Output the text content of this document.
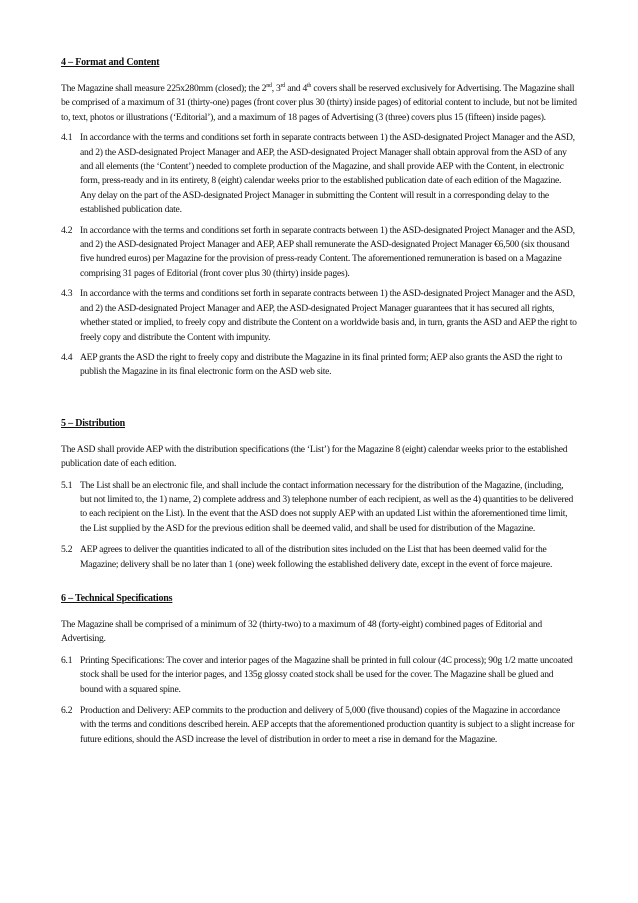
4 – Format and Content

The Magazine shall measure 225x280mm (closed); the 2nd, 3rd and 4th covers shall be reserved exclusively for Advertising. The Magazine shall be comprised of a maximum of 31 (thirty-one) pages (front cover plus 30 (thirty) inside pages) of editorial content to include, but not be limited to, text, photos or illustrations (‘Editorial’), and a maximum of 18 pages of Advertising (3 (three) covers plus 15 (fifteen) inside pages).

4.1 In accordance with the terms and conditions set forth in separate contracts between 1) the ASD-designated Project Manager and the ASD, and 2) the ASD-designated Project Manager and AEP, the ASD-designated Project Manager shall obtain approval from the ASD of any and all elements (the ‘Content’) needed to complete production of the Magazine, and shall provide AEP with the Content, in electronic form, press-ready and in its entirety, 8 (eight) calendar weeks prior to the established publication date of each edition of the Magazine. Any delay on the part of the ASD-designated Project Manager in submitting the Content will result in a corresponding delay to the established publication date.
4.2 In accordance with the terms and conditions set forth in separate contracts between 1) the ASD-designated Project Manager and the ASD, and 2) the ASD-designated Project Manager and AEP, AEP shall remunerate the ASD-designated Project Manager €6,500 (six thousand five hundred euros) per Magazine for the provision of press-ready Content. The aforementioned remuneration is based on a Magazine comprising 31 pages of Editorial (front cover plus 30 (thirty) inside pages).
4.3 In accordance with the terms and conditions set forth in separate contracts between 1) the ASD-designated Project Manager and the ASD, and 2) the ASD-designated Project Manager and AEP, the ASD-designated Project Manager guarantees that it has secured all rights, whether stated or implied, to freely copy and distribute the Content on a worldwide basis and, in turn, grants the ASD and AEP the right to freely copy and distribute the Content with impunity.
4.4 AEP grants the ASD the right to freely copy and distribute the Magazine in its final printed form; AEP also grants the ASD the right to publish the Magazine in its final electronic form on the ASD web site.
5 – Distribution

The ASD shall provide AEP with the distribution specifications (the ‘List’) for the Magazine 8 (eight) calendar weeks prior to the established publication date of each edition.

5.1 The List shall be an electronic file, and shall include the contact information necessary for the distribution of the Magazine, (including, but not limited to, the 1) name, 2) complete address and 3) telephone number of each recipient, as well as the 4) quantities to be delivered to each recipient on the List). In the event that the ASD does not supply AEP with an updated List within the aforementioned time limit, the List supplied by the ASD for the previous edition shall be deemed valid, and shall be used for distribution of the Magazine.
5.2 AEP agrees to deliver the quantities indicated to all of the distribution sites included on the List that has been deemed valid for the Magazine; delivery shall be no later than 1 (one) week following the established delivery date, except in the event of force majeure.
6 – Technical Specifications

The Magazine shall be comprised of a minimum of 32 (thirty-two) to a maximum of 48 (forty-eight) combined pages of Editorial and Advertising.

6.1 Printing Specifications: The cover and interior pages of the Magazine shall be printed in full colour (4C process); 90g 1/2 matte uncoated stock shall be used for the interior pages, and 135g glossy coated stock shall be used for the cover. The Magazine shall be glued and bound with a squared spine.
6.2 Production and Delivery: AEP commits to the production and delivery of 5,000 (five thousand) copies of the Magazine in accordance with the terms and conditions described herein. AEP accepts that the aforementioned production quantity is subject to a slight increase for future editions, should the ASD increase the level of distribution in order to meet a rise in demand for the Magazine.
